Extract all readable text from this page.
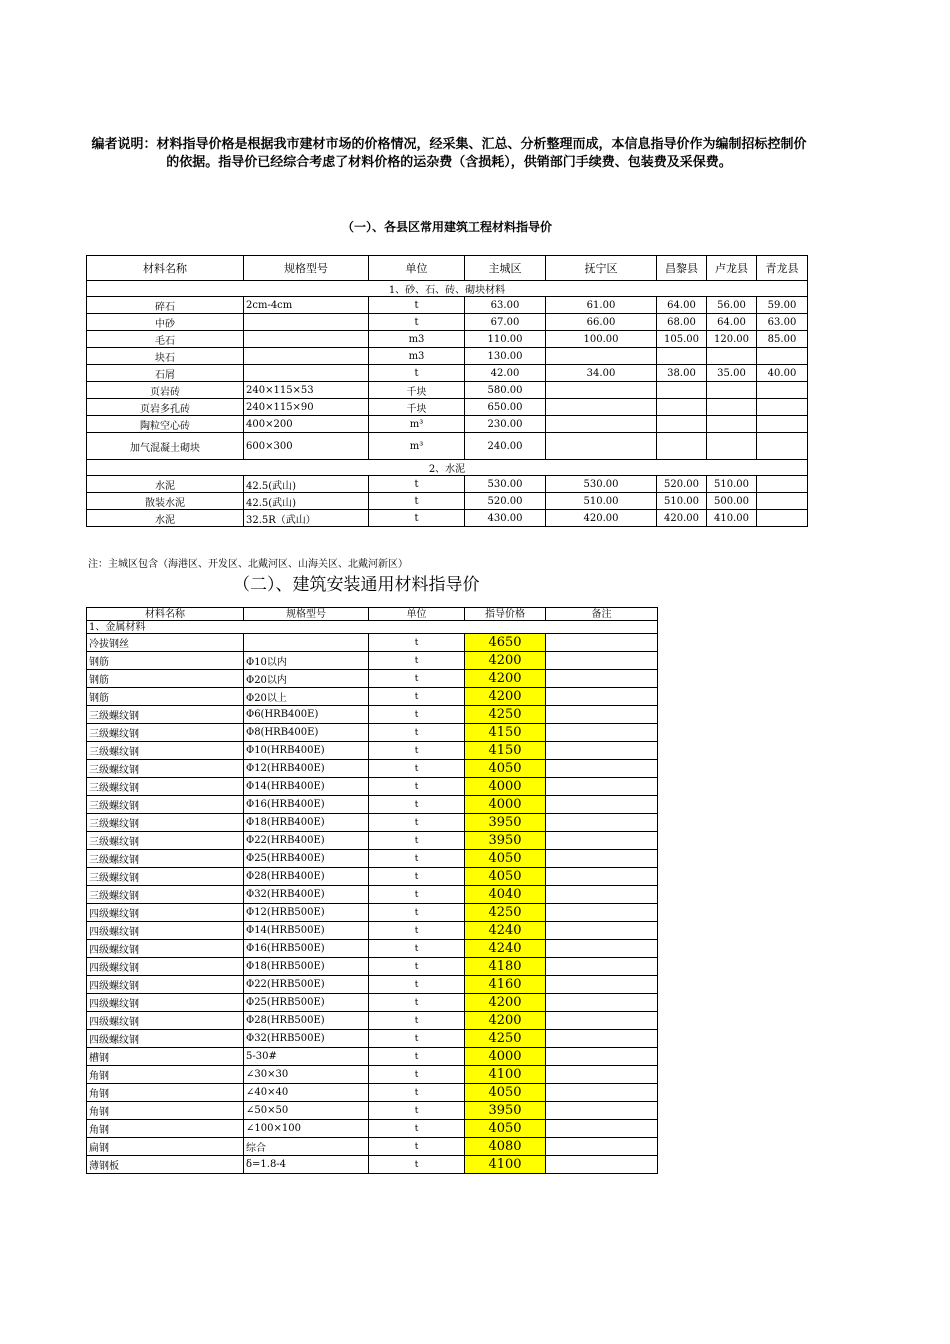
编者说明：材料指导价格是根据我市建材市场的价格情况，经采集、汇总、分析整理而成，本信息指导价作为编制招标控制价的依据。指导价已经综合考虑了材料价格的运杂费（含损耗），供销部门手续费、包装费及采保费。
（一）、各县区常用建筑工程材料指导价
材料名称	规格型号	单位	主城区	抚宁区	昌黎县	卢龙县	青龙县
1、砂、石、砖、砌块材料							
碎石	2cm-4cm	t	63.00	61.00	64.00	56.00	59.00
中砂		t	67.00	66.00	68.00	64.00	63.00
毛石		m3	110.00	100.00	105.00	120.00	85.00
块石		m3	130.00				
石屑		t	42.00	34.00	38.00	35.00	40.00
页岩砖	240×115×53	千块	580.00				
页岩多孔砖	240×115×90	千块	650.00				
陶粒空心砖	400×200	m³	230.00				
加气混凝土砌块	600×300	m³	240.00				
2、水泥							
水泥	42.5(武山)	t	530.00	530.00	520.00	510.00	
散装水泥	42.5(武山)	t	520.00	510.00	510.00	500.00	
水泥	32.5R（武山）	t	430.00	420.00	420.00	410.00	
注：主城区包含（海港区、开发区、北戴河区、山海关区、北戴河新区）
（二）、建筑安装通用材料指导价
材料名称	规格型号	单位	指导价格	备注
1、金属材料				
冷拔钢丝		t	4650	
钢筋	Φ10以内	t	4200	
钢筋	Φ20以内	t	4200	
钢筋	Φ20以上	t	4200	
三级螺纹钢	Φ6(HRB400E)	t	4250	
三级螺纹钢	Φ8(HRB400E)	t	4150	
三级螺纹钢	Φ10(HRB400E)	t	4150	
三级螺纹钢	Φ12(HRB400E)	t	4050	
三级螺纹钢	Φ14(HRB400E)	t	4000	
三级螺纹钢	Φ16(HRB400E)	t	4000	
三级螺纹钢	Φ18(HRB400E)	t	3950	
三级螺纹钢	Φ22(HRB400E)	t	3950	
三级螺纹钢	Φ25(HRB400E)	t	4050	
三级螺纹钢	Φ28(HRB400E)	t	4050	
三级螺纹钢	Φ32(HRB400E)	t	4040	
四级螺纹钢	Φ12(HRB500E)	t	4250	
四级螺纹钢	Φ14(HRB500E)	t	4240	
四级螺纹钢	Φ16(HRB500E)	t	4240	
四级螺纹钢	Φ18(HRB500E)	t	4180	
四级螺纹钢	Φ22(HRB500E)	t	4160	
四级螺纹钢	Φ25(HRB500E)	t	4200	
四级螺纹钢	Φ28(HRB500E)	t	4200	
四级螺纹钢	Φ32(HRB500E)	t	4250	
槽钢	5-30#	t	4000	
角钢	∠30×30	t	4100	
角钢	∠40×40	t	4050	
角钢	∠50×50	t	3950	
角钢	∠100×100	t	4050	
扁钢	综合	t	4080	
薄钢板	δ=1.8-4	t	4100	
